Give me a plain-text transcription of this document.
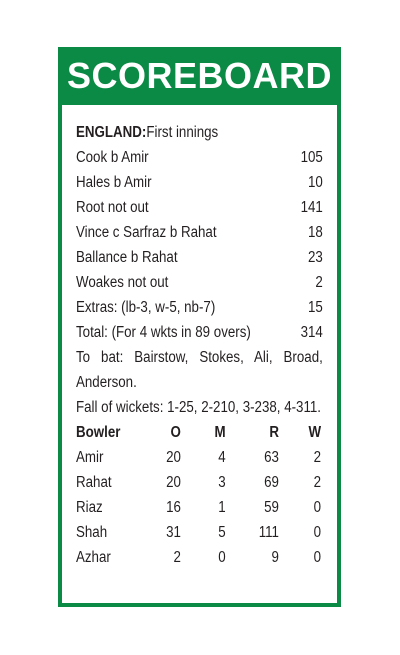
SCOREBOARD
ENGLAND:First innings
Cook b Amir	105
Hales b Amir	10
Root not out	141
Vince c Sarfraz b Rahat	18
Ballance b Rahat	23
Woakes not out	2
Extras: (lb-3, w-5, nb-7)	15
Total: (For 4 wkts in 89 overs)	314
To bat: Bairstow, Stokes, Ali, Broad, Anderson.
Fall of wickets: 1-25, 2-210, 3-238, 4-311.
Bowler	O	M	R	W
Amir	20	4	63	2
Rahat	20	3	69	2
Riaz	16	1	59	0
Shah	31	5	111	0
Azhar	2	0	9	0
